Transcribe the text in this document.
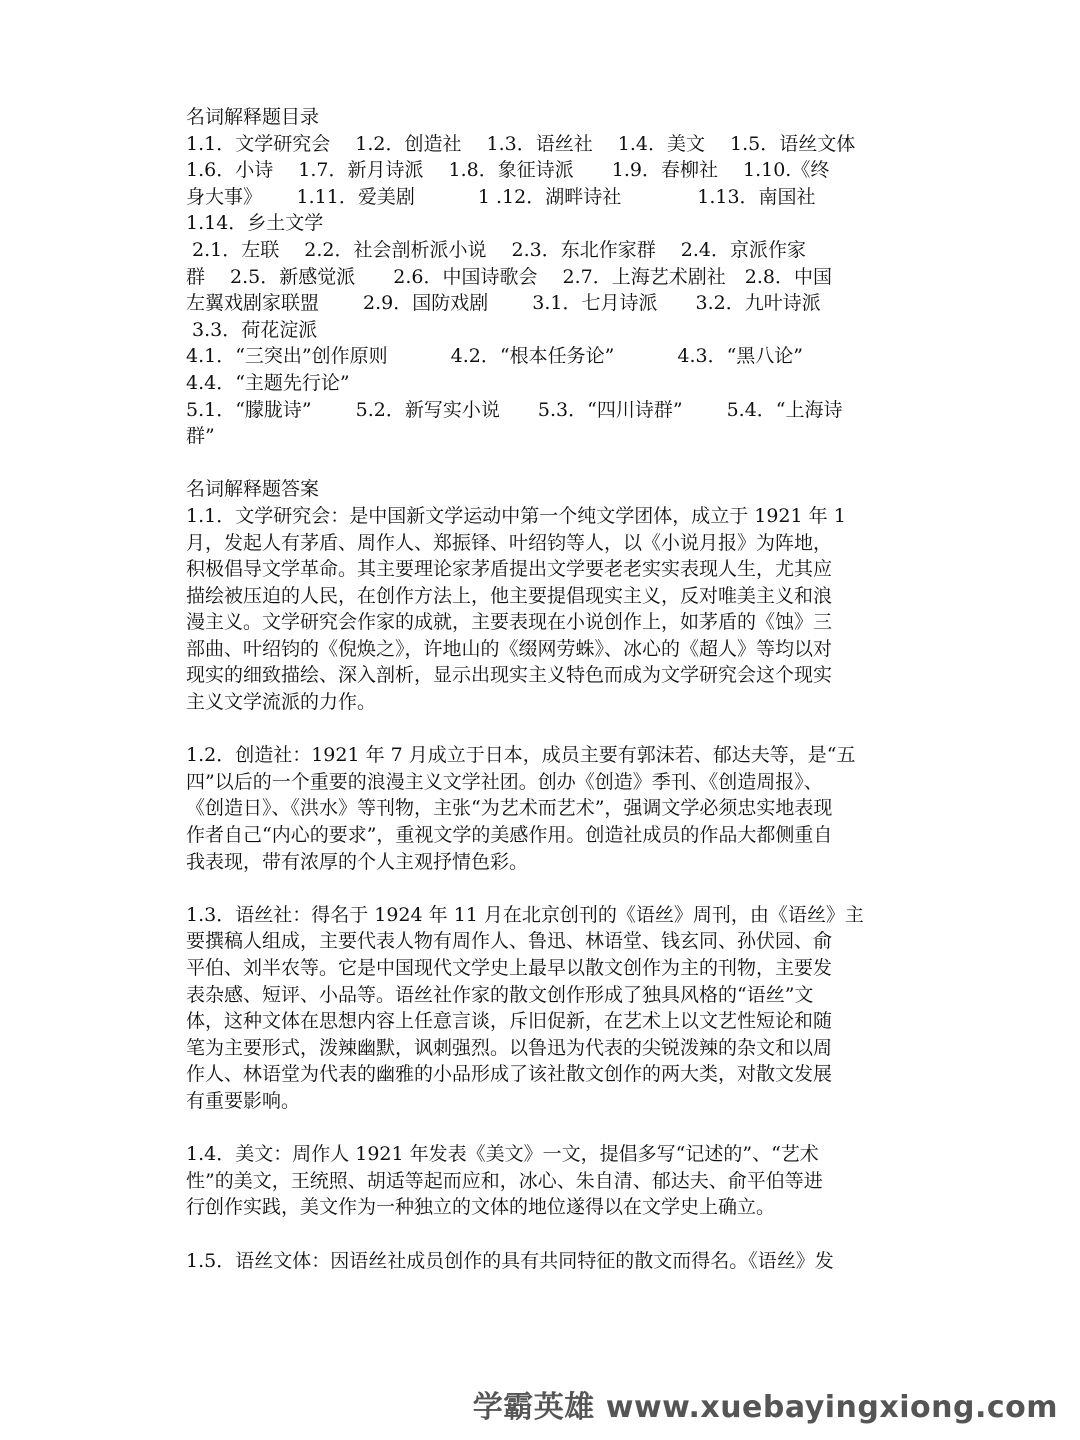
名词解释题目录
1.1．文学研究会　 1.2．创造社　 1.3．语丝社　 1.4．美文　 1.5．语丝文体
1.6．小诗　 1.7．新月诗派　 1.8．象征诗派　　1.9．春柳社　 1.10.《终
身大事》　　 1.11．爱美剧　　　 1 .12．湖畔诗社　　　　1.13．南国社
1.14．乡土文学
2.1．左联　 2.2．社会剖析派小说　 2.3．东北作家群　 2.4．京派作家
群　 2.5．新感觉派　　2.6．中国诗歌会　 2.7．上海艺术剧社　2.8．中国
左翼戏剧家联盟　　 2.9．国防戏剧　　 3.1．七月诗派　　3.2．九叶诗派
3.3．荷花淀派
4.1．“三突出”创作原则　　　 4.2．“根本任务论”　　　 4.3．“黑八论”
4.4．“主题先行论”
5.1．“朦胧诗”　　 5.2．新写实小说　　5.3．“四川诗群”　　 5.4．“上海诗
群”
名词解释题答案
1.1．文学研究会：是中国新文学运动中第一个纯文学团体，成立于 1921 年 1
月，发起人有茅盾、周作人、郑振铎、叶绍钧等人，以《小说月报》为阵地，
积极倡导文学革命。其主要理论家茅盾提出文学要老老实实表现人生，尤其应
描绘被压迫的人民，在创作方法上，他主要提倡现实主义，反对唯美主义和浪
漫主义。文学研究会作家的成就，主要表现在小说创作上，如茅盾的《蚀》三
部曲、叶绍钧的《倪焕之》，许地山的《缀网劳蛛》、冰心的《超人》等均以对
现实的细致描绘、深入剖析，显示出现实主义特色而成为文学研究会这个现实
主义文学流派的力作。
1.2．创造社：1921 年 7 月成立于日本，成员主要有郭沫若、郁达夫等，是“五
四”以后的一个重要的浪漫主义文学社团。创办《创造》季刊、《创造周报》、
《创造日》、《洪水》等刊物，主张“为艺术而艺术”，强调文学必须忠实地表现
作者自己“内心的要求”，重视文学的美感作用。创造社成员的作品大都侧重自
我表现，带有浓厚的个人主观抒情色彩。
1.3．语丝社：得名于 1924 年 11 月在北京创刊的《语丝》周刊，由《语丝》主
要撰稿人组成，主要代表人物有周作人、鲁迅、林语堂、钱玄同、孙伏园、俞
平伯、刘半农等。它是中国现代文学史上最早以散文创作为主的刊物，主要发
表杂感、短评、小品等。语丝社作家的散文创作形成了独具风格的“语丝”文
体，这种文体在思想内容上任意言谈，斥旧促新，在艺术上以文艺性短论和随
笔为主要形式，泼辣幽默，讽刺强烈。以鲁迅为代表的尖锐泼辣的杂文和以周
作人、林语堂为代表的幽雅的小品形成了该社散文创作的两大类，对散文发展
有重要影响。
1.4．美文：周作人 1921 年发表《美文》一文，提倡多写“记述的”、“艺术
性”的美文，王统照、胡适等起而应和，冰心、朱自清、郁达夫、俞平伯等进
行创作实践，美文作为一种独立的文体的地位遂得以在文学史上确立。
1.5．语丝文体：因语丝社成员创作的具有共同特征的散文而得名。《语丝》发
学霸英雄 www.xuebayingxiong.com
